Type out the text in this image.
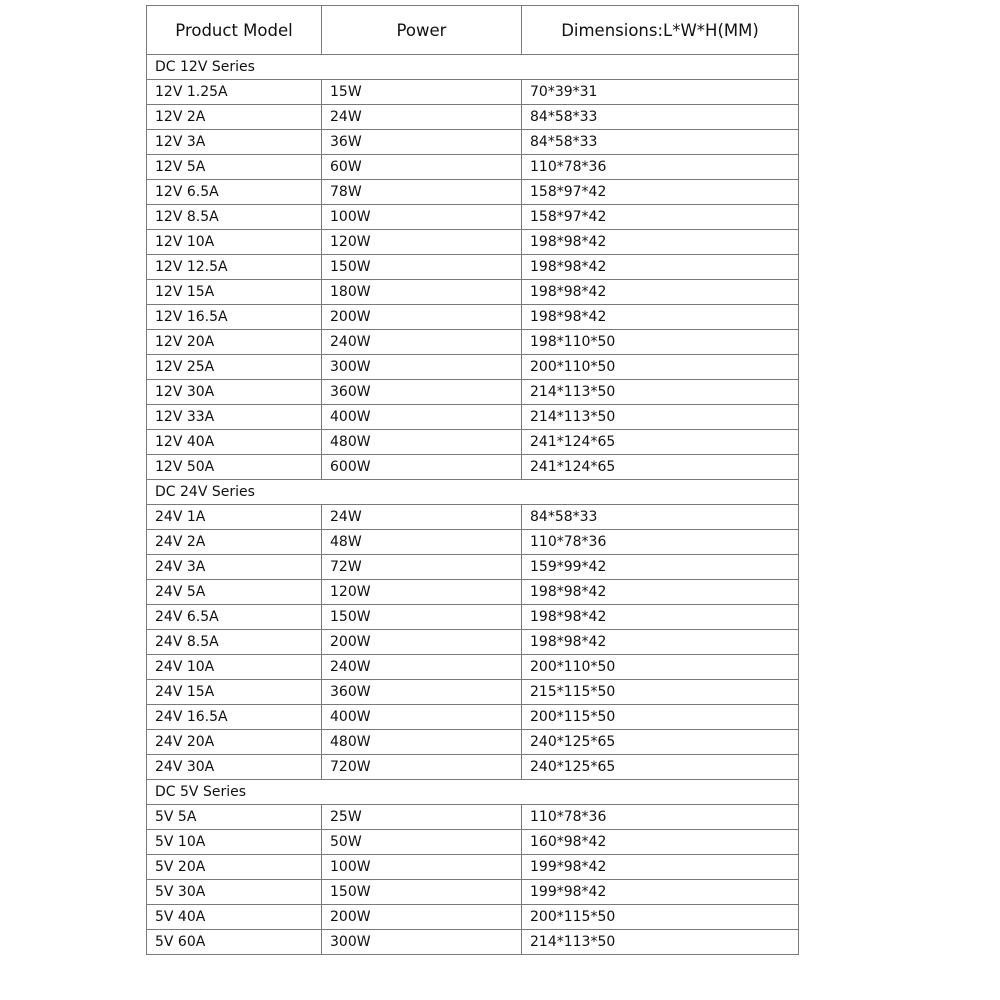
Product Model	Power	Dimensions:L*W*H(MM)
DC 12V Series		
12V 1.25A	15W	70*39*31
12V 2A	24W	84*58*33
12V 3A	36W	84*58*33
12V 5A	60W	110*78*36
12V 6.5A	78W	158*97*42
12V 8.5A	100W	158*97*42
12V 10A	120W	198*98*42
12V 12.5A	150W	198*98*42
12V 15A	180W	198*98*42
12V 16.5A	200W	198*98*42
12V 20A	240W	198*110*50
12V 25A	300W	200*110*50
12V 30A	360W	214*113*50
12V 33A	400W	214*113*50
12V 40A	480W	241*124*65
12V 50A	600W	241*124*65
DC 24V Series		
24V 1A	24W	84*58*33
24V 2A	48W	110*78*36
24V 3A	72W	159*99*42
24V 5A	120W	198*98*42
24V 6.5A	150W	198*98*42
24V 8.5A	200W	198*98*42
24V 10A	240W	200*110*50
24V 15A	360W	215*115*50
24V 16.5A	400W	200*115*50
24V 20A	480W	240*125*65
24V 30A	720W	240*125*65
DC 5V Series		
5V 5A	25W	110*78*36
5V 10A	50W	160*98*42
5V 20A	100W	199*98*42
5V 30A	150W	199*98*42
5V 40A	200W	200*115*50
5V 60A	300W	214*113*50
